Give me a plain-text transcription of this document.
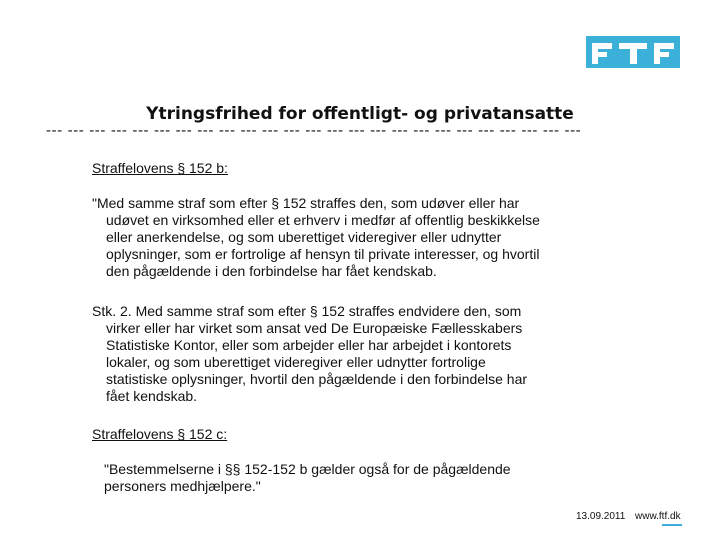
Ytringsfrihed for offentligt- og privatansatte
--- --- --- --- --- --- --- --- --- --- --- --- --- --- --- --- --- --- --- --- --- --- --- --- ---
Straffelovens § 152 b:
"Med samme straf som efter § 152 straffes den, som udøver eller har
udøvet en virksomhed eller et erhverv i medfør af offentlig beskikkelse
eller anerkendelse, og som uberettiget videregiver eller udnytter
oplysninger, som er fortrolige af hensyn til private interesser, og hvortil
den pågældende i den forbindelse har fået kendskab.
Stk. 2. Med samme straf som efter § 152 straffes endvidere den, som
virker eller har virket som ansat ved De Europæiske Fællesskabers
Statistiske Kontor, eller som arbejder eller har arbejdet i kontorets
lokaler, og som uberettiget videregiver eller udnytter fortrolige
statistiske oplysninger, hvortil den pågældende i den forbindelse har
fået kendskab.
Straffelovens § 152 c:
"Bestemmelserne i §§ 152-152 b gælder også for de pågældende
personers medhjælpere."
13.09.2011 www.ftf.dk
